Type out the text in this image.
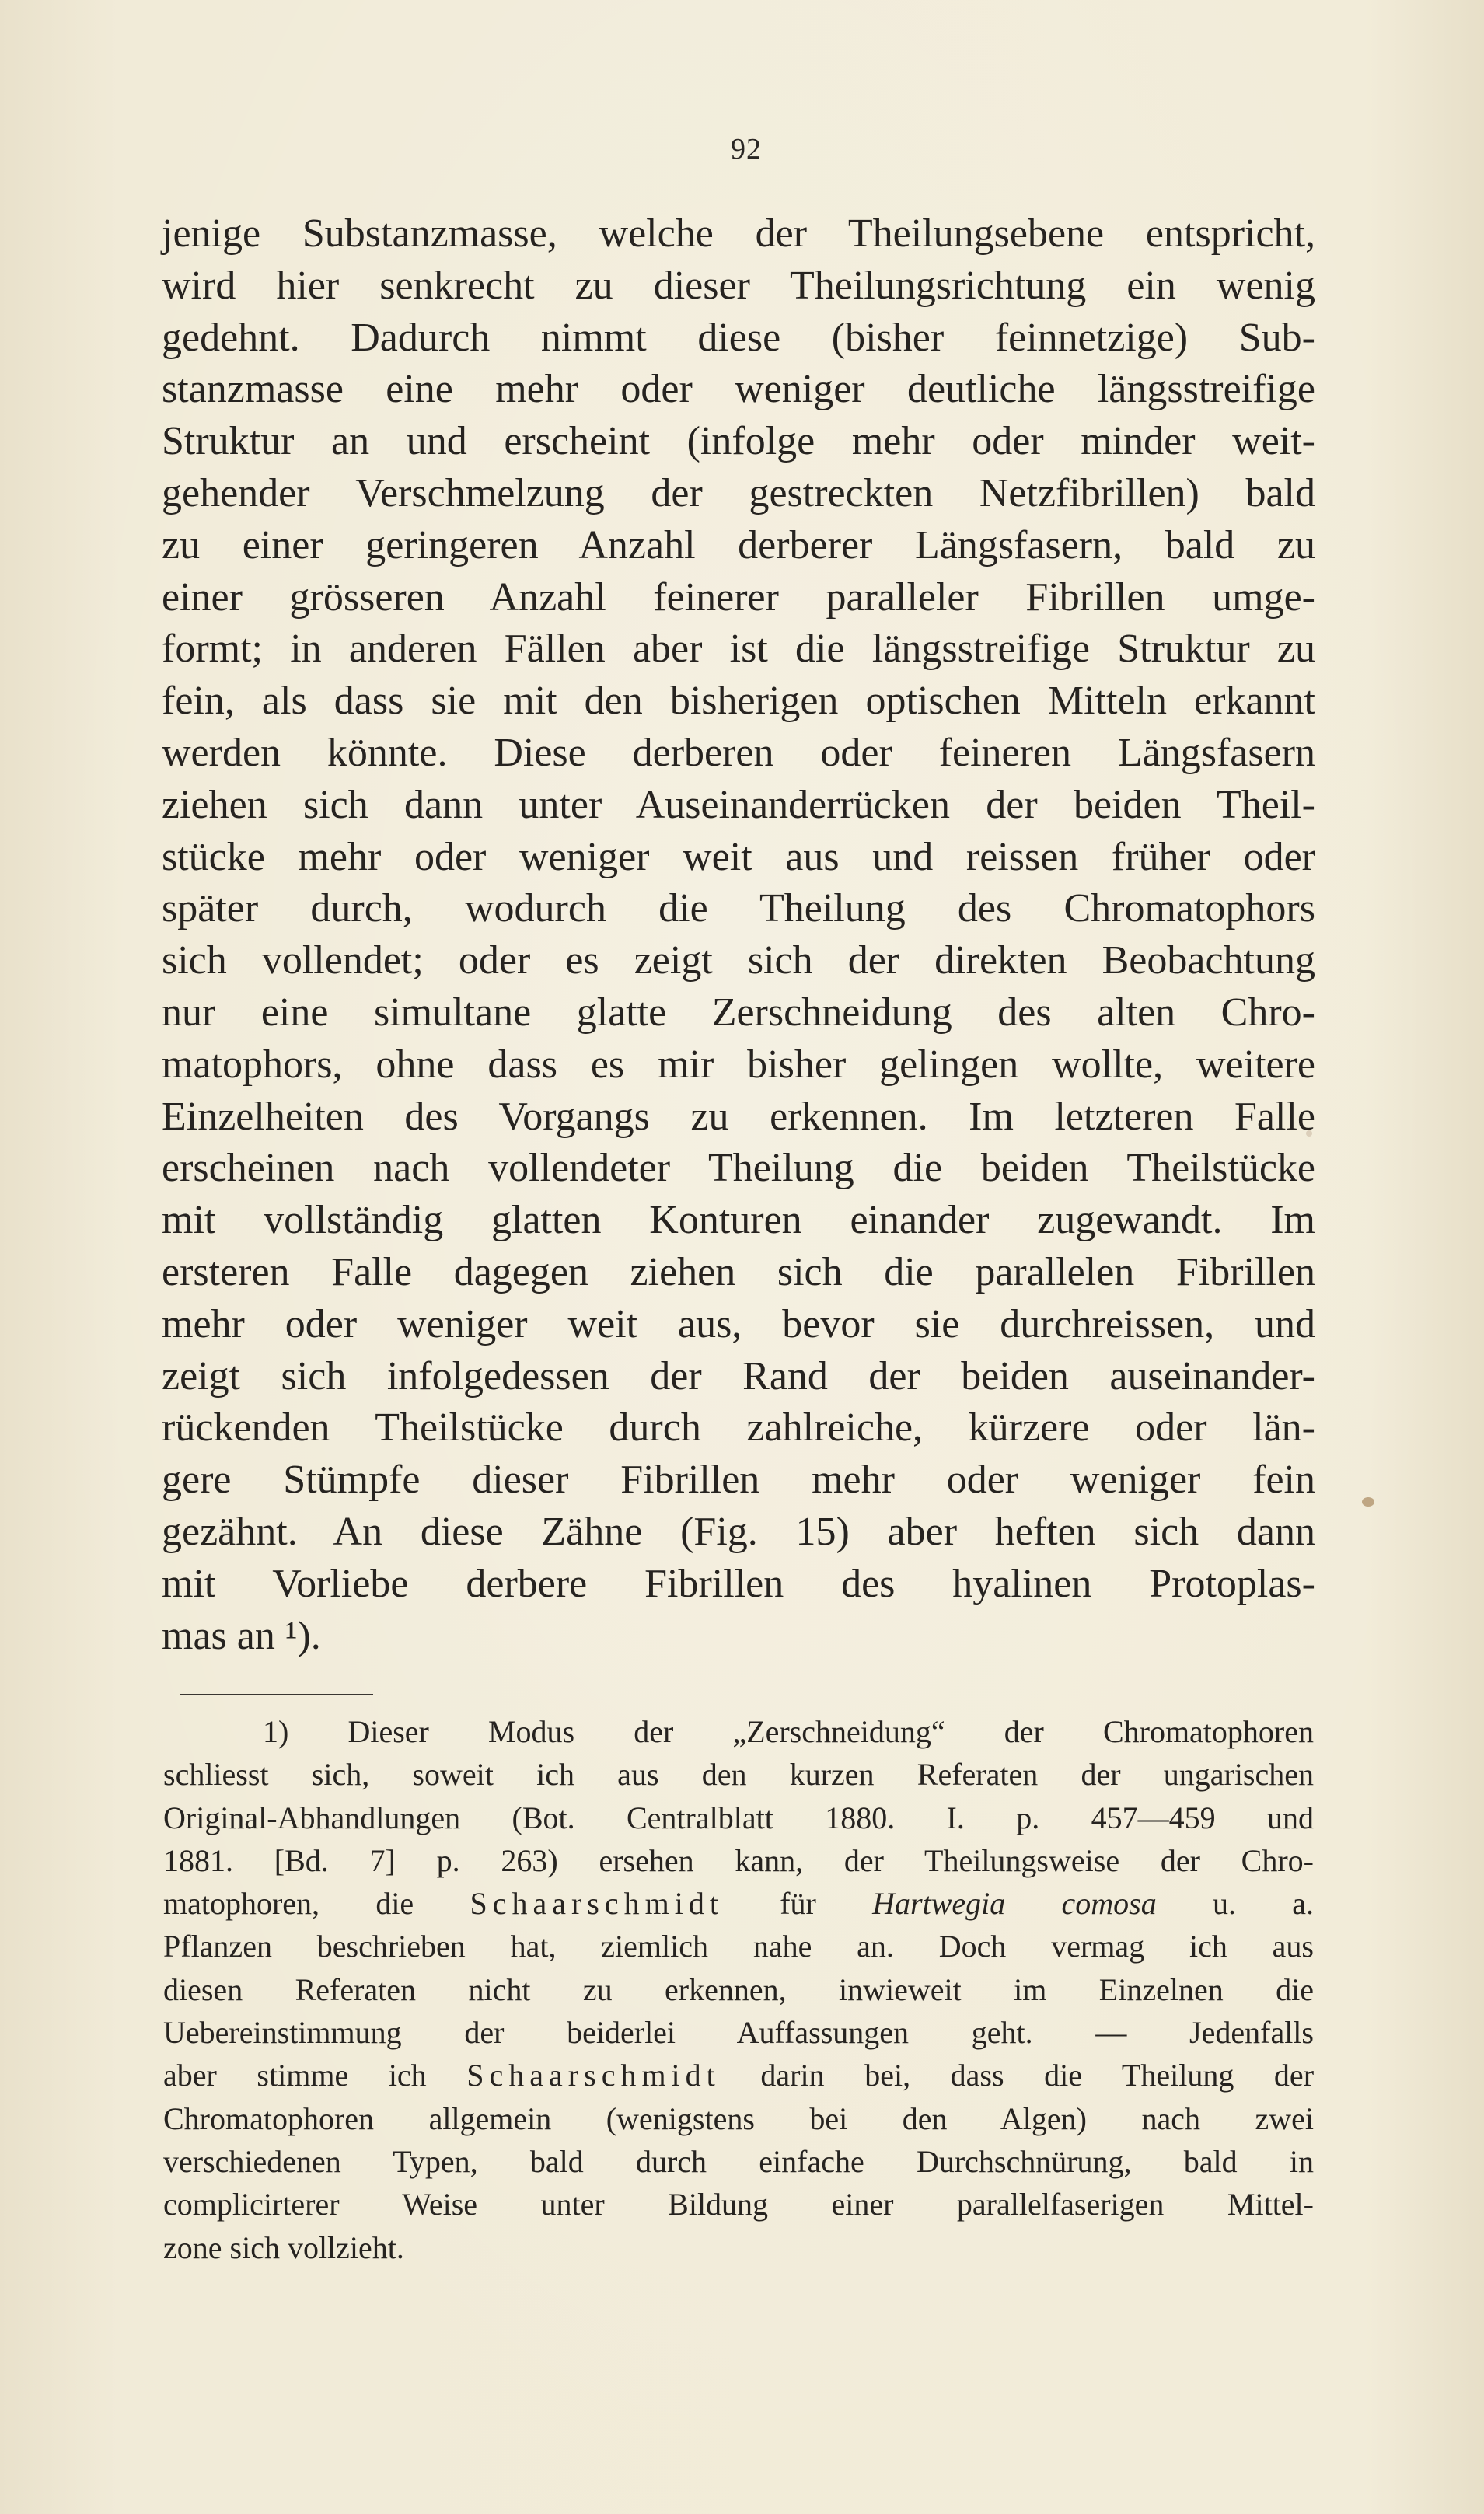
92
jenige Substanzmasse, welche der Theilungsebene entspricht,
wird hier senkrecht zu dieser Theilungsrichtung ein wenig
gedehnt. Dadurch nimmt diese (bisher feinnetzige) Sub-
stanzmasse eine mehr oder weniger deutliche längsstreifige
Struktur an und erscheint (infolge mehr oder minder weit-
gehender Verschmelzung der gestreckten Netzfibrillen) bald
zu einer geringeren Anzahl derberer Längsfasern, bald zu
einer grösseren Anzahl feinerer paralleler Fibrillen umge-
formt; in anderen Fällen aber ist die längsstreifige Struktur zu
fein, als dass sie mit den bisherigen optischen Mitteln erkannt
werden könnte. Diese derberen oder feineren Längsfasern
ziehen sich dann unter Auseinanderrücken der beiden Theil-
stücke mehr oder weniger weit aus und reissen früher oder
später durch, wodurch die Theilung des Chromatophors
sich vollendet; oder es zeigt sich der direkten Beobachtung
nur eine simultane glatte Zerschneidung des alten Chro-
matophors, ohne dass es mir bisher gelingen wollte, weitere
Einzelheiten des Vorgangs zu erkennen. Im letzteren Falle
erscheinen nach vollendeter Theilung die beiden Theilstücke
mit vollständig glatten Konturen einander zugewandt. Im
ersteren Falle dagegen ziehen sich die parallelen Fibrillen
mehr oder weniger weit aus, bevor sie durchreissen, und
zeigt sich infolgedessen der Rand der beiden auseinander-
rückenden Theilstücke durch zahlreiche, kürzere oder län-
gere Stümpfe dieser Fibrillen mehr oder weniger fein
gezähnt. An diese Zähne (Fig. 15) aber heften sich dann
mit Vorliebe derbere Fibrillen des hyalinen Protoplas-
mas an ¹).
1) Dieser Modus der „Zerschneidung“ der Chromatophoren
schliesst sich, soweit ich aus den kurzen Referaten der ungarischen
Original-Abhandlungen (Bot. Centralblatt 1880. I. p. 457—459 und
1881. [Bd. 7] p. 263) ersehen kann, der Theilungsweise der Chro-
matophoren, die Schaarschmidt für Hartwegia comosa u. a.
Pflanzen beschrieben hat, ziemlich nahe an. Doch vermag ich aus
diesen Referaten nicht zu erkennen, inwieweit im Einzelnen die
Uebereinstimmung der beiderlei Auffassungen geht. — Jedenfalls
aber stimme ich Schaarschmidt darin bei, dass die Theilung der
Chromatophoren allgemein (wenigstens bei den Algen) nach zwei
verschiedenen Typen, bald durch einfache Durchschnürung, bald in
complicirterer Weise unter Bildung einer parallelfaserigen Mittel-
zone sich vollzieht.
